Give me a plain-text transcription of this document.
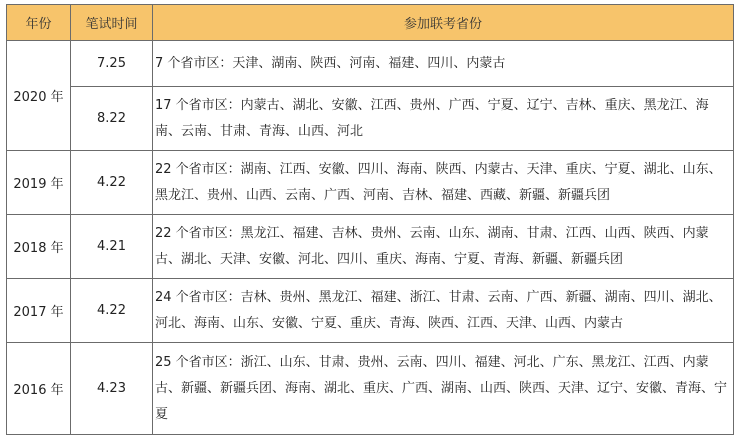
年份	笔试时间	参加联考省份
2020 年	7.25	7 个省市区：天津、湖南、陕西、河南、福建、四川、内蒙古
	8.22	17 个省市区：内蒙古、湖北、安徽、江西、贵州、广西、宁夏、辽宁、吉林、重庆、黑龙江、海南、云南、甘肃、青海、山西、河北
2019 年	4.22	22 个省市区：湖南、江西、安徽、四川、海南、陕西、内蒙古、天津、重庆、宁夏、湖北、山东、黑龙江、贵州、山西、云南、广西、河南、吉林、福建、西藏、新疆、新疆兵团
2018 年	4.21	22 个省市区：黑龙江、福建、吉林、贵州、云南、山东、湖南、甘肃、江西、山西、陕西、内蒙古、湖北、天津、安徽、河北、四川、重庆、海南、宁夏、青海、新疆、新疆兵团
2017 年	4.22	24 个省市区：吉林、贵州、黑龙江、福建、浙江、甘肃、云南、广西、新疆、湖南、四川、湖北、河北、海南、山东、安徽、宁夏、重庆、青海、陕西、江西、天津、山西、内蒙古
2016 年	4.23	25 个省市区：浙江、山东、甘肃、贵州、云南、四川、福建、河北、广东、黑龙江、江西、内蒙古、新疆、新疆兵团、海南、湖北、重庆、广西、湖南、山西、陕西、天津、辽宁、安徽、青海、宁夏
